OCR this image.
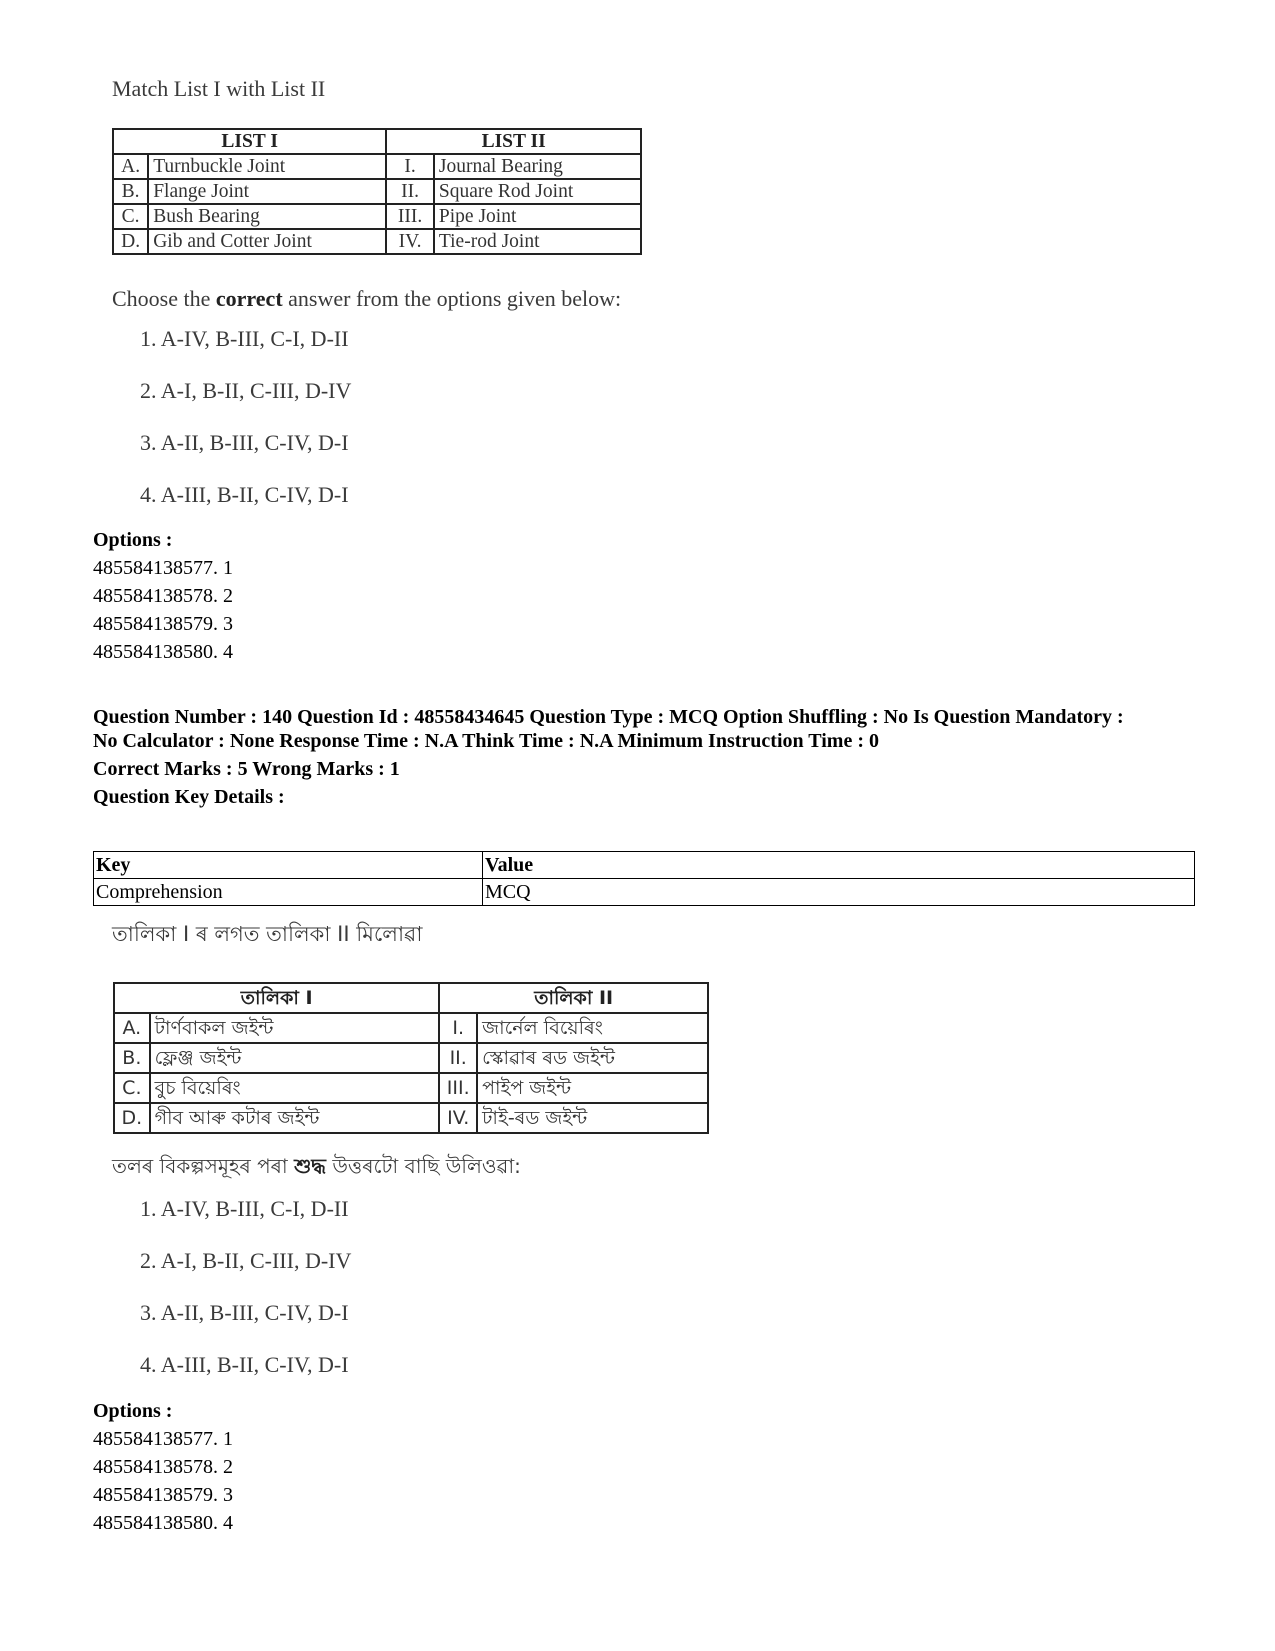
Match List I with List II
LIST I		LIST II	
A.	Turnbuckle Joint	I.	Journal Bearing
B.	Flange Joint	II.	Square Rod Joint
C.	Bush Bearing	III.	Pipe Joint
D.	Gib and Cotter Joint	IV.	Tie-rod Joint
Choose the correct answer from the options given below:
1. A-IV, B-III, C-I, D-II
2. A-I, B-II, C-III, D-IV
3. A-II, B-III, C-IV, D-I
4. A-III, B-II, C-IV, D-I
Options :
485584138577. 1
485584138578. 2
485584138579. 3
485584138580. 4
Question Number : 140 Question Id : 48558434645 Question Type : MCQ Option Shuffling : No Is Question Mandatory :
No Calculator : None Response Time : N.A Think Time : N.A Minimum Instruction Time : 0
Correct Marks : 5 Wrong Marks : 1
Question Key Details :
Key	Value
Comprehension	MCQ
তালিকা I ৰ লগত তালিকা II মিলোৱা
তালিকা I		তালিকা II	
A.	টাৰ্ণবাকল জইন্ট	I.	জাৰ্নেল বিয়েৰিং
B.	ফ্লেঞ্জ জইন্ট	II.	স্কোৱাৰ ৰড জইন্ট
C.	বুচ বিয়েৰিং	III.	পাইপ জইন্ট
D.	গীব আৰু কটাৰ জইন্ট	IV.	টাই-ৰড জইন্ট
তলৰ বিকল্পসমূহৰ পৰা শুদ্ধ উত্তৰটো বাছি উলিওৱা:
1. A-IV, B-III, C-I, D-II
2. A-I, B-II, C-III, D-IV
3. A-II, B-III, C-IV, D-I
4. A-III, B-II, C-IV, D-I
Options :
485584138577. 1
485584138578. 2
485584138579. 3
485584138580. 4
